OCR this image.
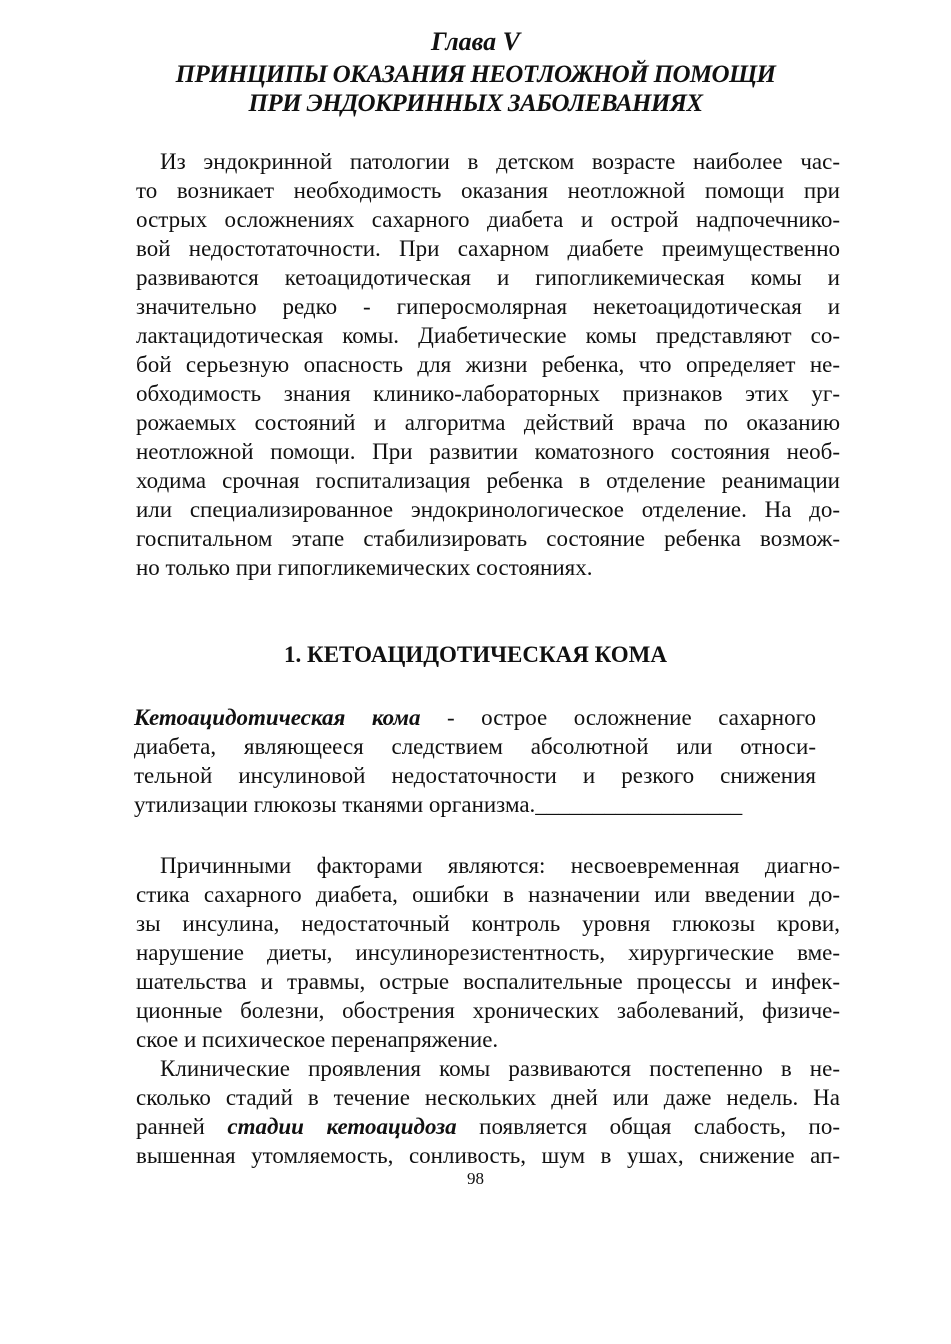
Глава V
ПРИНЦИПЫ ОКАЗАНИЯ НЕОТЛОЖНОЙ ПОМОЩИ
ПРИ ЭНДОКРИННЫХ ЗАБОЛЕВАНИЯХ
Из эндокринной патологии в детском возрасте наиболее час-
то возникает необходимость оказания неотложной помощи при
острых осложнениях сахарного диабета и острой надпочечнико-
вой недостотаточности. При сахарном диабете преимущественно
развиваются кетоацидотическая и гипогликемическая комы и
значительно редко - гиперосмолярная некетоацидотическая и
лактацидотическая комы. Диабетические комы представляют со-
бой серьезную опасность для жизни ребенка, что определяет не-
обходимость знания клинико-лабораторных признаков этих уг-
рожаемых состояний и алгоритма действий врача по оказанию
неотложной помощи. При развитии коматозного состояния необ-
ходима срочная госпитализация ребенка в отделение реанимации
или специализированное эндокринологическое отделение. На до-
госпитальном этапе стабилизировать состояние ребенка возмож-
но только при гипогликемических состояниях.
1. КЕТОАЦИДОТИЧЕСКАЯ КОМА
Кетоацидотическая кома - острое осложнение сахарного
диабета, являющееся следствием абсолютной или относи-
тельной инсулиновой недостаточности и резкого снижения
утилизации глюкозы тканями организма.__________________
Причинными факторами являются: несвоевременная диагно-
стика сахарного диабета, ошибки в назначении или введении до-
зы инсулина, недостаточный контроль уровня глюкозы крови,
нарушение диеты, инсулинорезистентность, хирургические вме-
шательства и травмы, острые воспалительные процессы и инфек-
ционные болезни, обострения хронических заболеваний, физиче-
ское и психическое перенапряжение.
Клинические проявления комы развиваются постепенно в не-
сколько стадий в течение нескольких дней или даже недель. На
ранней стадии кетоацидоза появляется общая слабость, по-
вышенная утомляемость, сонливость, шум в ушах, снижение ап-
98
